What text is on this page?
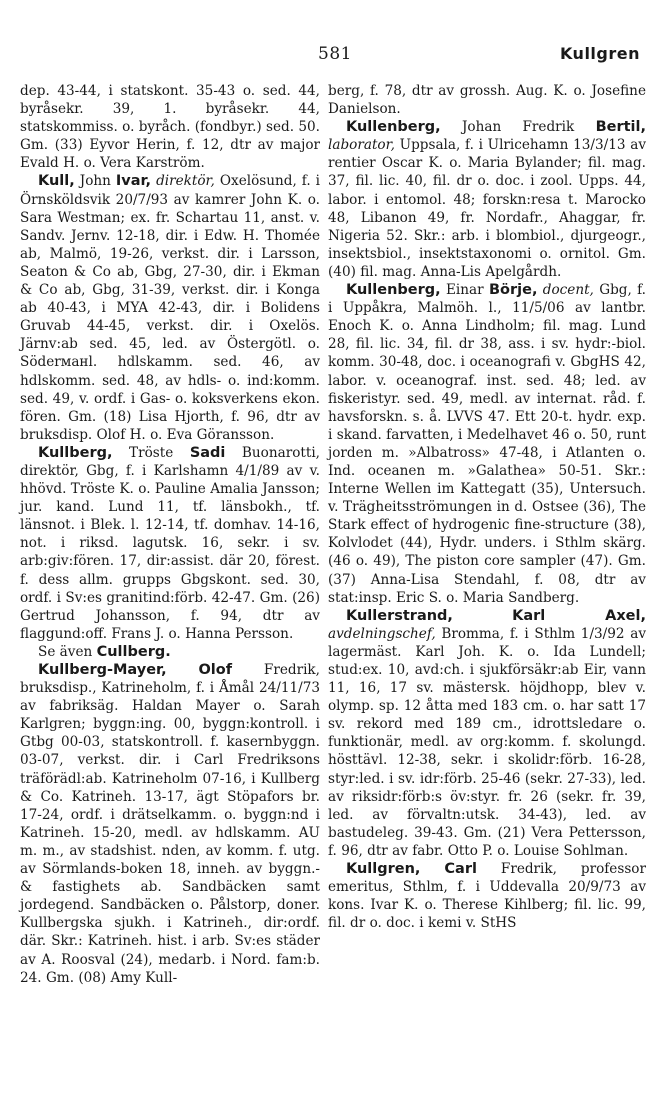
581	Kullgren

dep. 43-44, i statskont. 35-43 o. sed. 44, byråsekr. 39, 1. byråsekr. 44, statskommiss. o. byråch. (fondbyr.) sed. 50. Gm. (33) Eyvor Herin, f. 12, dtr av major Evald H. o. Vera Karström.

Kull, John Ivar, direktör, Oxelösund, f. i Örnsköldsvik 20/7/93 av kamrer John K. o. Sara Westman; ex. fr. Schartau 11, anst. v. Sandv. Jernv. 12-18, dir. i Edw. H. Thomée ab, Malmö, 19-26, verkst. dir. i Larsson, Seaton & Co ab, Gbg, 27-30, dir. i Ekman & Co ab, Gbg, 31-39, verkst. dir. i Konga ab 40-43, i MYA 42-43, dir. i Bolidens Gruvab 44-45, verkst. dir. i Oxelös. Järnv:ab sed. 45, led. av Östergötl. o. Söderманl. hdlskamm. sed. 46, av hdlskomm. sed. 48, av hdls- o. ind:komm. sed. 49, v. ordf. i Gas- o. koksverkens ekon. fören. Gm. (18) Lisa Hjorth, f. 96, dtr av bruksdisp. Olof H. o. Eva Göransson.

Kullberg, Tröste Sadi Buonarotti, direktör, Gbg, f. i Karlshamn 4/1/89 av v. hhövd. Tröste K. o. Pauline Amalia Jansson; jur. kand. Lund 11, tf. länsbokh., tf. länsnot. i Blek. l. 12-14, tf. domhav. 14-16, not. i riksd. lagutsk. 16, sekr. i sv. arb:giv:fören. 17, dir:assist. där 20, förest. f. dess allm. grupps Gbgskont. sed. 30, ordf. i Sv:es granitind:förb. 42-47. Gm. (26) Gertrud Johansson, f. 94, dtr av flaggund:off. Frans J. o. Hanna Persson.

Se även Cullberg.

Kullberg-Mayer, Olof Fredrik, bruksdisp., Katrineholm, f. i Åmål 24/11/73 av fabriksäg. Haldan Mayer o. Sarah Karlgren; byggn:ing. 00, byggn:kontroll. i Gtbg 00-03, statskontroll. f. kasernbyggn. 03-07, verkst. dir. i Carl Fredriksons träförädl:ab. Katrineholm 07-16, i Kullberg & Co. Katrineh. 13-17, ägt Stöpafors br. 17-24, ordf. i drätselkamm. o. byggn:nd i Katrineh. 15-20, medl. av hdlskamm. AU m. m., av stadshist. nden, av komm. f. utg. av Sörmlands-boken 18, inneh. av byggn.- & fastighets ab. Sandbäcken samt jordegend. Sandbäcken o. Pålstorp, doner. Kullbergska sjukh. i Katrineh., dir:ordf. där. Skr.: Katrineh. hist. i arb. Sv:es städer av A. Roosval (24), medarb. i Nord. fam:b. 24. Gm. (08) Amy Kull-

berg, f. 78, dtr av grossh. Aug. K. o. Josefine Danielson.

Kullenberg, Johan Fredrik Bertil, laborator, Uppsala, f. i Ulricehamn 13/3/13 av rentier Oscar K. o. Maria Bylander; fil. mag. 37, fil. lic. 40, fil. dr o. doc. i zool. Upps. 44, labor. i entomol. 48; forskn:resa t. Marocko 48, Libanon 49, fr. Nordafr., Ahaggar, fr. Nigeria 52. Skr.: arb. i blombiol., djurgeogr., insektsbiol., insektstaxonomi o. ornitol. Gm. (40) fil. mag. Anna-Lis Apelgårdh.

Kullenberg, Einar Börje, docent, Gbg, f. i Uppåkra, Malmöh. l., 11/5/06 av lantbr. Enoch K. o. Anna Lindholm; fil. mag. Lund 28, fil. lic. 34, fil. dr 38, ass. i sv. hydr:-biol. komm. 30-48, doc. i oceanografi v. GbgHS 42, labor. v. oceanograf. inst. sed. 48; led. av fiskeristyr. sed. 49, medl. av internat. råd. f. havsforskn. s. å. LVVS 47. Ett 20-t. hydr. exp. i skand. farvatten, i Medelhavet 46 o. 50, runt jorden m. »Albatross» 47-48, i Atlanten o. Ind. oceanen m. »Galathea» 50-51. Skr.: Interne Wellen im Kattegatt (35), Untersuch. v. Trägheitsströmungen in d. Ostsee (36), The Stark effect of hydrogenic fine-structure (38), Kolvlodet (44), Hydr. unders. i Sthlm skärg. (46 o. 49), The piston core sampler (47). Gm. (37) Anna-Lisa Stendahl, f. 08, dtr av stat:insp. Eric S. o. Maria Sandberg.

Kullerstrand,	Karl Axel, avdelningschef, Bromma, f. i Sthlm 1/3/92 av lagermäst. Karl Joh. K. o. Ida Lundell; stud:ex. 10, avd:ch. i sjukförsäkr:ab Eir, vann 11, 16, 17 sv. mästersk. höjdhopp, blev v. olymp. sp. 12 åtta med 183 cm. o. har satt 17 sv. rekord med 189 cm., idrottsledare o. funktionär, medl. av org:komm. f. skolungd. hösttävl. 12-38, sekr. i skolidr:förb. 16-28, styr:led. i sv. idr:förb. 25-46 (sekr. 27-33), led. av riksidr:förb:s öv:styr. fr. 26 (sekr. fr. 39, led. av förvaltn:utsk. 34-43), led. av bastudeleg. 39-43. Gm. (21) Vera Pettersson, f. 96, dtr av fabr. Otto P. o. Louise Sohlman.

Kullgren, Carl Fredrik, professor emeritus, Sthlm, f. i Uddevalla 20/9/73 av kons. Ivar K. o. Therese Kihlberg; fil. lic. 99, fil. dr o. doc. i kemi v. StHS
